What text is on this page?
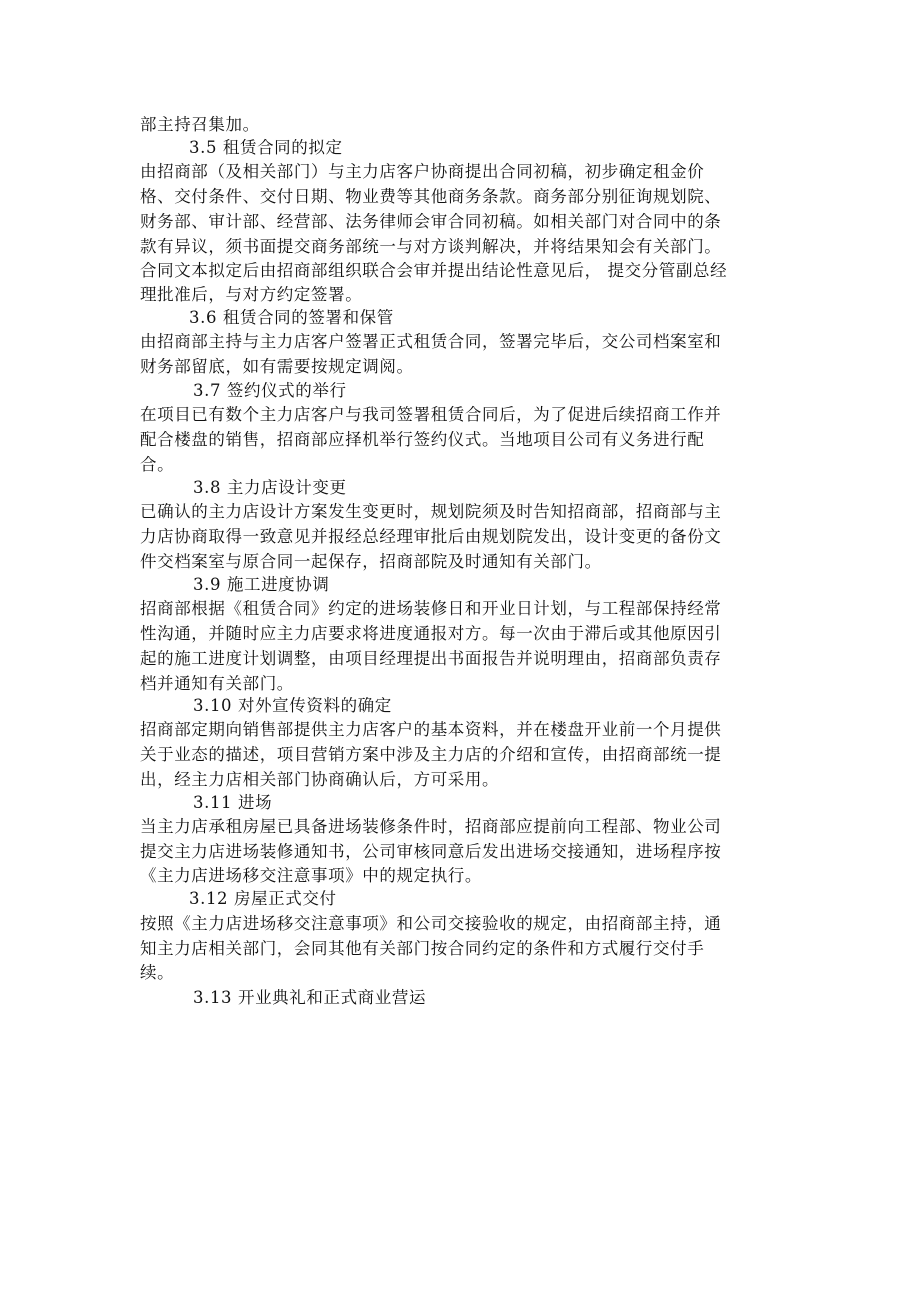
部主持召集加。
3.5 租赁合同的拟定
由招商部（及相关部门）与主力店客户协商提出合同初稿，初步确定租金价
格、交付条件、交付日期、物业费等其他商务条款。商务部分别征询规划院、
财务部、审计部、经营部、法务律师会审合同初稿。如相关部门对合同中的条
款有异议，须书面提交商务部统一与对方谈判解决，并将结果知会有关部门。
合同文本拟定后由招商部组织联合会审并提出结论性意见后， 提交分管副总经
理批准后，与对方约定签署。
3.6 租赁合同的签署和保管
由招商部主持与主力店客户签署正式租赁合同，签署完毕后，交公司档案室和
财务部留底，如有需要按规定调阅。
3.7 签约仪式的举行
在项目已有数个主力店客户与我司签署租赁合同后，为了促进后续招商工作并
配合楼盘的销售，招商部应择机举行签约仪式。当地项目公司有义务进行配
合。
3.8 主力店设计变更
已确认的主力店设计方案发生变更时，规划院须及时告知招商部，招商部与主
力店协商取得一致意见并报经总经理审批后由规划院发出，设计变更的备份文
件交档案室与原合同一起保存，招商部院及时通知有关部门。
3.9 施工进度协调
招商部根据《租赁合同》约定的进场装修日和开业日计划，与工程部保持经常
性沟通，并随时应主力店要求将进度通报对方。每一次由于滞后或其他原因引
起的施工进度计划调整，由项目经理提出书面报告并说明理由，招商部负责存
档并通知有关部门。
3.10 对外宣传资料的确定
招商部定期向销售部提供主力店客户的基本资料，并在楼盘开业前一个月提供
关于业态的描述，项目营销方案中涉及主力店的介绍和宣传，由招商部统一提
出，经主力店相关部门协商确认后，方可采用。
3.11 进场
当主力店承租房屋已具备进场装修条件时，招商部应提前向工程部、物业公司
提交主力店进场装修通知书，公司审核同意后发出进场交接通知，进场程序按
《主力店进场移交注意事项》中的规定执行。
3.12 房屋正式交付
按照《主力店进场移交注意事项》和公司交接验收的规定，由招商部主持，通
知主力店相关部门，会同其他有关部门按合同约定的条件和方式履行交付手
续。
3.13 开业典礼和正式商业营运
